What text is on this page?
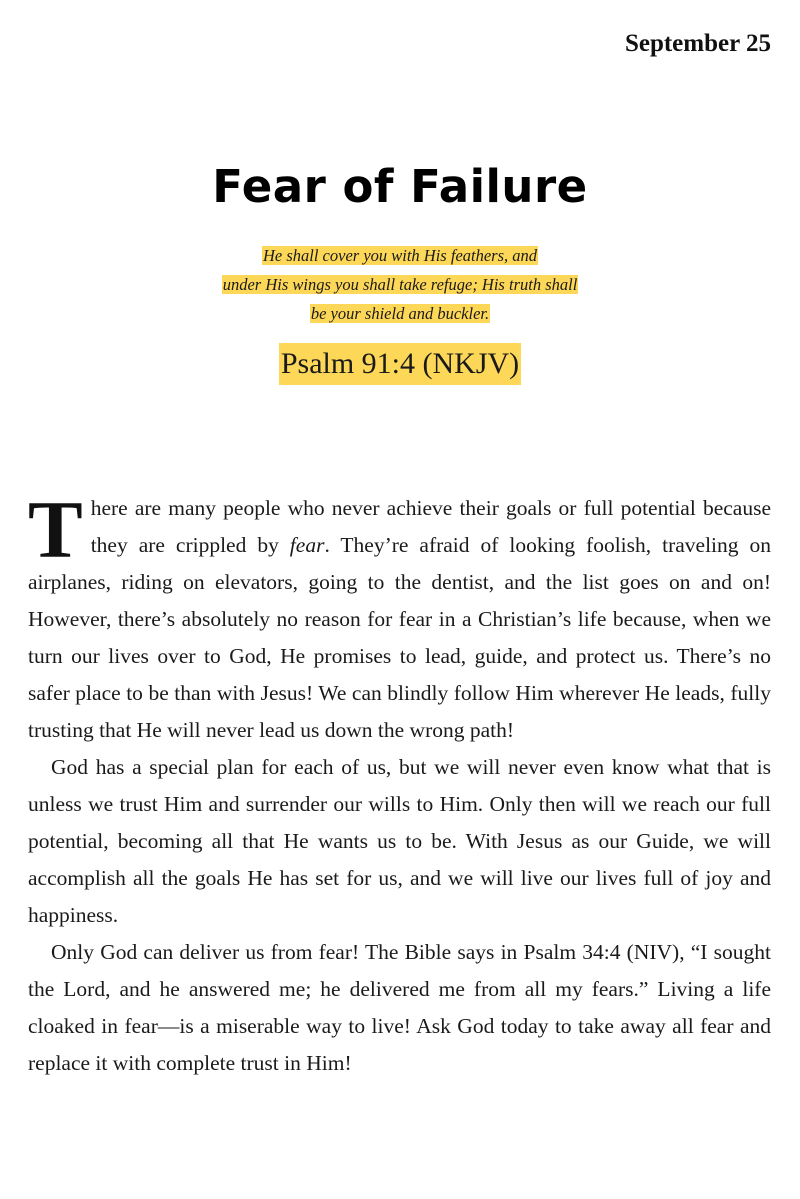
September 25
Fear of Failure
He shall cover you with His feathers, and
under His wings you shall take refuge; His truth shall
be your shield and buckler.
Psalm 91:4 (NKJV)

There are many people who never achieve their goals or full potential because they are crippled by fear. They’re afraid of looking foolish, traveling on airplanes, riding on elevators, going to the dentist, and the list goes on and on! However, there’s absolutely no reason for fear in a Christian’s life because, when we turn our lives over to God, He promises to lead, guide, and protect us. There’s no safer place to be than with Jesus! We can blindly follow Him wherever He leads, fully trusting that He will never lead us down the wrong path!

God has a special plan for each of us, but we will never even know what that is unless we trust Him and surrender our wills to Him. Only then will we reach our full potential, becoming all that He wants us to be. With Jesus as our Guide, we will accomplish all the goals He has set for us, and we will live our lives full of joy and happiness.

Only God can deliver us from fear! The Bible says in Psalm 34:4 (NIV), “I sought the Lord, and he answered me; he delivered me from all my fears.” Living a life cloaked in fear—is a miserable way to live! Ask God today to take away all fear and replace it with complete trust in Him!
